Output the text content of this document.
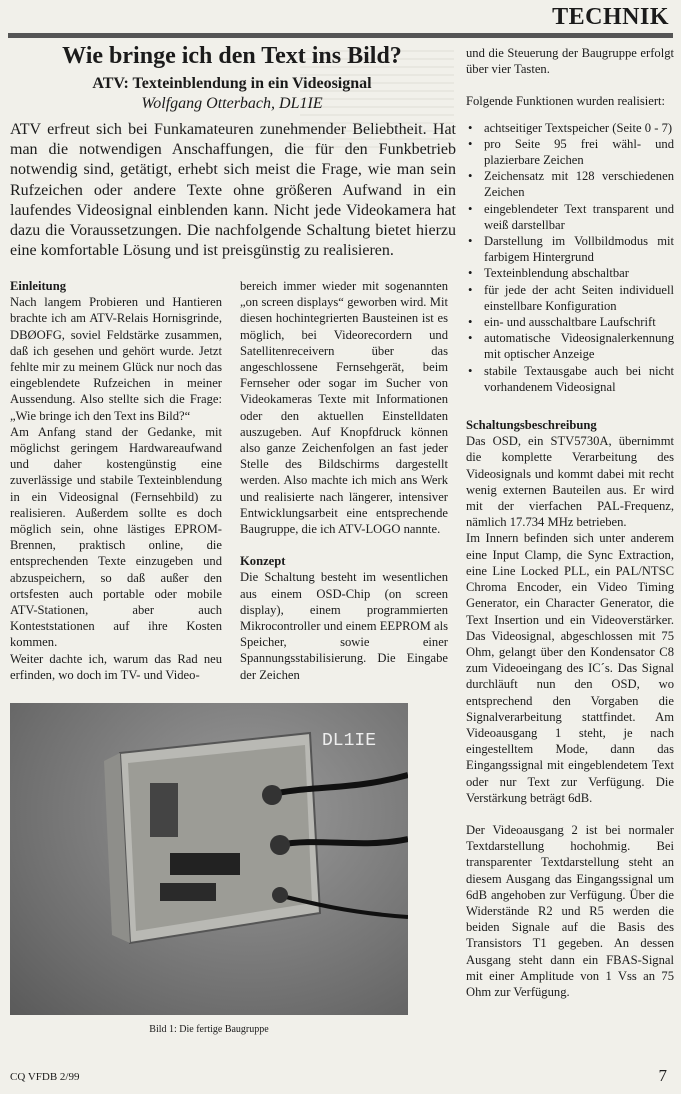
TECHNIK
Wie bringe ich den Text ins Bild?
ATV: Texteinblendung in ein Videosignal
Wolfgang Otterbach, DL1IE

ATV erfreut sich bei Funkamateuren zunehmender Beliebtheit. Hat man die notwendigen Anschaffungen, die für den Funkbetrieb notwendig sind, getätigt, erhebt sich meist die Frage, wie man sein Rufzeichen oder andere Texte ohne größeren Aufwand in ein laufendes Videosignal einblenden kann. Nicht jede Videokamera hat dazu die Voraussetzungen. Die nachfolgende Schaltung bietet hierzu eine komfortable Lösung und ist preisgünstig zu realisieren.

Einleitung

Nach langem Probieren und Hantieren brachte ich am ATV-Relais Hornisgrinde, DBØOFG, soviel Feldstärke zusammen, daß ich gesehen und gehört wurde. Jetzt fehlte mir zu meinem Glück nur noch das eingeblendete Rufzeichen in meiner Aussendung. Also stellte sich die Frage: „Wie bringe ich den Text ins Bild?“

Am Anfang stand der Gedanke, mit möglichst geringem Hardwareaufwand und daher kostengünstig eine zuverlässige und stabile Texteinblendung in ein Videosignal (Fernsehbild) zu realisieren. Außerdem sollte es doch möglich sein, ohne lästiges EPROM-Brennen, praktisch online, die entsprechenden Texte einzugeben und abzuspeichern, so daß außer den ortsfesten auch portable oder mobile ATV-Stationen, aber auch Konteststationen auf ihre Kosten kommen.

Weiter dachte ich, warum das Rad neu erfinden, wo doch im TV- und Video-

bereich immer wieder mit sogenannten „on screen displays“ geworben wird. Mit diesen hochintegrierten Bausteinen ist es möglich, bei Videorecordern und Satellitenreceivern über das angeschlossene Fernsehgerät, beim Fernseher oder sogar im Sucher von Videokameras Texte mit Informationen oder den aktuellen Einstelldaten auszugeben. Auf Knopfdruck können also ganze Zeichenfolgen an fast jeder Stelle des Bildschirms dargestellt werden. Also machte ich mich ans Werk und realisierte nach längerer, intensiver Entwicklungsarbeit eine entsprechende Baugruppe, die ich ATV-LOGO nannte.

Konzept

Die Schaltung besteht im wesentlichen aus einem OSD-Chip (on screen display), einem programmierten Mikrocontroller und einem EEPROM als Speicher, sowie einer Spannungsstabilisierung. Die Eingabe der Zeichen

und die Steuerung der Baugruppe erfolgt über vier Tasten.

Folgende Funktionen wurden realisiert:

• achtseitiger Textspeicher (Seite 0 - 7)
• pro Seite 95 frei wähl- und plazierbare Zeichen
• Zeichensatz mit 128 verschiedenen Zeichen
• eingeblendeter Text transparent und weiß darstellbar
• Darstellung im Vollbildmodus mit farbigem Hintergrund
• Texteinblendung abschaltbar
• für jede der acht Seiten individuell einstellbare Konfiguration
• ein- und ausschaltbare Laufschrift
• automatische Videosignalerkennung mit optischer Anzeige
• stabile Textausgabe auch bei nicht vorhandenem Videosignal
Schaltungsbeschreibung

Das OSD, ein STV5730A, übernimmt die komplette Verarbeitung des Videosignals und kommt dabei mit recht wenig externen Bauteilen aus. Er wird mit der vierfachen PAL-Frequenz, nämlich 17.734 MHz betrieben.

Im Innern befinden sich unter anderem eine Input Clamp, die Sync Extraction, eine Line Locked PLL, ein PAL/NTSC Chroma Encoder, ein Video Timing Generator, ein Character Generator, die Text Insertion und ein Videoverstärker. Das Videosignal, abgeschlossen mit 75 Ohm, gelangt über den Kondensator C8 zum Videoeingang des IC´s. Das Signal durchläuft nun den OSD, wo entsprechend den Vorgaben die Signalverarbeitung stattfindet. Am Videoausgang 1 steht, je nach eingestelltem Mode, dann das Eingangssignal mit eingeblendetem Text oder nur Text zur Verfügung. Die Verstärkung beträgt 6dB.

Der Videoausgang 2 ist bei normaler Textdarstellung hochohmig. Bei transparenter Textdarstellung steht an diesem Ausgang das Eingangssignal um 6dB angehoben zur Verfügung. Über die Widerstände R2 und R5 werden die beiden Signale auf die Basis des Transistors T1 gegeben. An dessen Ausgang steht dann ein FBAS-Signal mit einer Amplitude von 1 Vss an 75 Ohm zur Verfügung.

DL1IE
Bild 1: Die fertige Baugruppe
CQ VFDB 2/99	7
